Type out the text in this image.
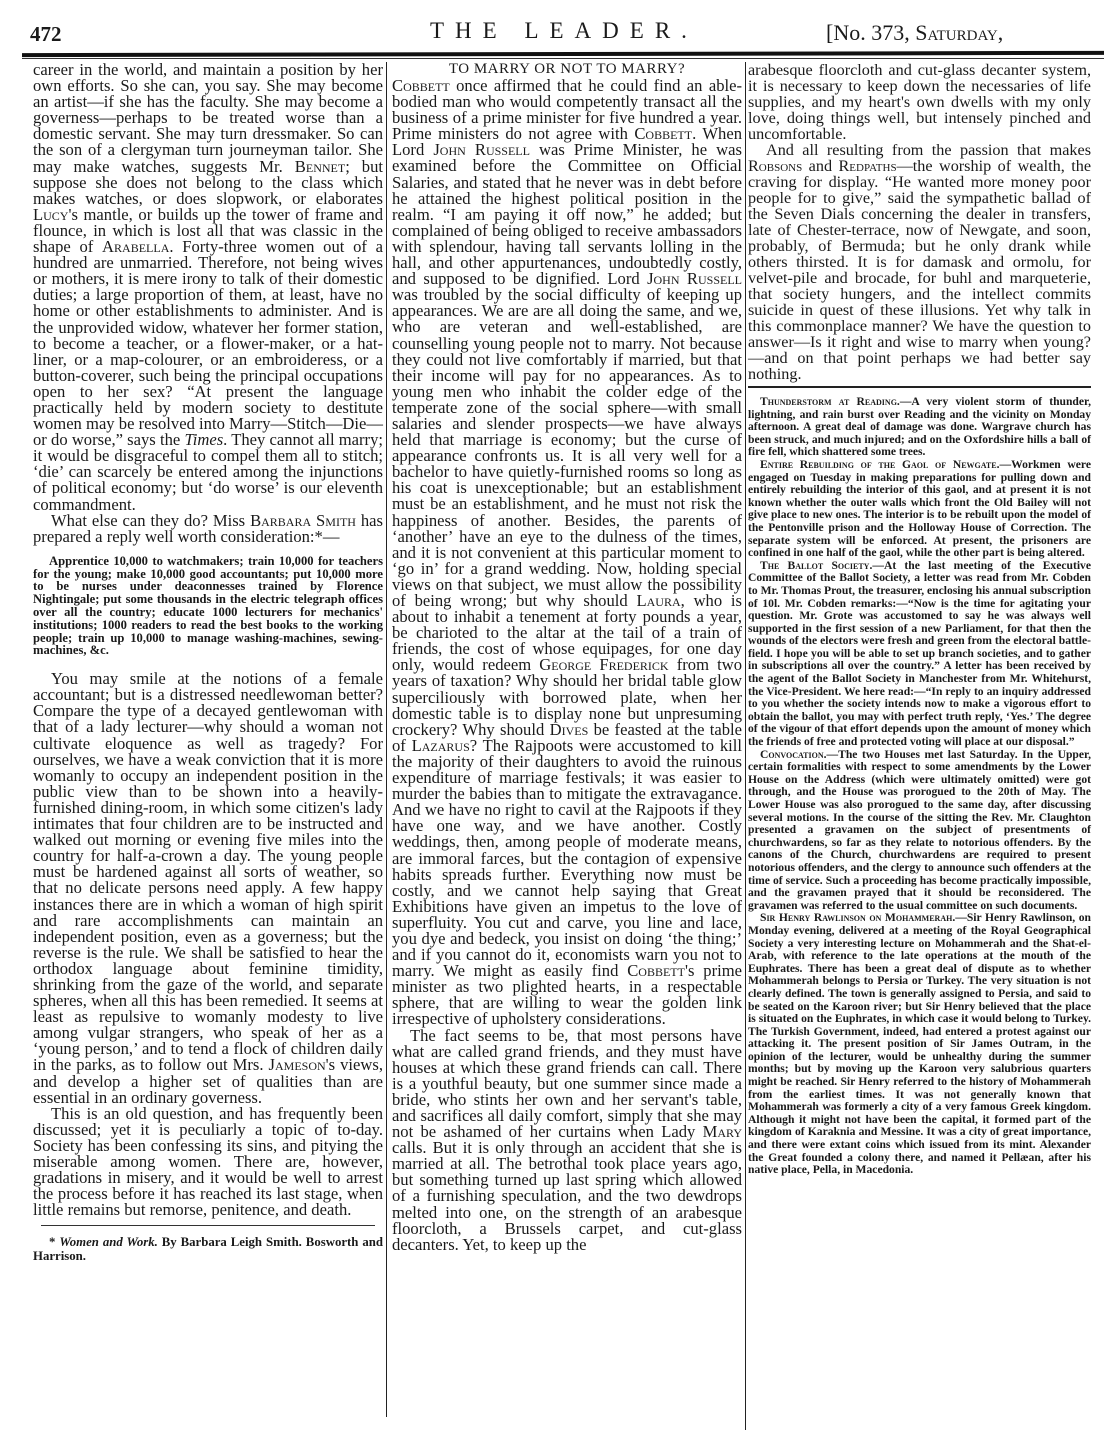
472	THE LEADER.	[No. 373, Saturday,

career in the world, and maintain a position by her own efforts. So she can, you say. She may become an artist—if she has the faculty. She may become a governess—perhaps to be treated worse than a domestic servant. She may turn dressmaker. So can the son of a clergyman turn journeyman tailor. She may make watches, suggests Mr. Bennet; but suppose she does not belong to the class which makes watches, or does slopwork, or elaborates Lucy's mantle, or builds up the tower of frame and flounce, in which is lost all that was classic in the shape of Arabella. Forty-three women out of a hundred are unmarried. Therefore, not being wives or mothers, it is mere irony to talk of their domestic duties; a large proportion of them, at least, have no home or other establishments to administer. And is the unprovided widow, whatever her former station, to become a teacher, or a flower-maker, or a hat-liner, or a map-colourer, or an embroideress, or a button-coverer, such being the principal occupations open to her sex? “At present the language practically held by modern society to destitute women may be resolved into Marry—Stitch—Die—or do worse,” says the Times. They cannot all marry; it would be disgraceful to compel them all to stitch; ‘die’ can scarcely be entered among the injunctions of political economy; but ‘do worse’ is our eleventh commandment.

What else can they do? Miss Barbara Smith has prepared a reply well worth consideration:*—

Apprentice 10,000 to watchmakers; train 10,000 for teachers for the young; make 10,000 good accountants; put 10,000 more to be nurses under deaconnesses trained by Florence Nightingale; put some thousands in the electric telegraph offices over all the country; educate 1000 lecturers for mechanics' institutions; 1000 readers to read the best books to the working people; train up 10,000 to manage washing-machines, sewing-machines, &c.

You may smile at the notions of a female accountant; but is a distressed needlewoman better? Compare the type of a decayed gentlewoman with that of a lady lecturer—why should a woman not cultivate eloquence as well as tragedy? For ourselves, we have a weak conviction that it is more womanly to occupy an independent position in the public view than to be shown into a heavily-furnished dining-room, in which some citizen's lady intimates that four children are to be instructed and walked out morning or evening five miles into the country for half-a-crown a day. The young people must be hardened against all sorts of weather, so that no delicate persons need apply. A few happy instances there are in which a woman of high spirit and rare accomplishments can maintain an independent position, even as a governess; but the reverse is the rule. We shall be satisfied to hear the orthodox language about feminine timidity, shrinking from the gaze of the world, and separate spheres, when all this has been remedied. It seems at least as repulsive to womanly modesty to live among vulgar strangers, who speak of her as a ‘young person,’ and to tend a flock of children daily in the parks, as to follow out Mrs. Jameson's views, and develop a higher set of qualities than are essential in an ordinary governess.

This is an old question, and has frequently been discussed; yet it is peculiarly a topic of to-day. Society has been confessing its sins, and pitying the miserable among women. There are, however, gradations in misery, and it would be well to arrest the process before it has reached its last stage, when little remains but remorse, penitence, and death.

* Women and Work. By Barbara Leigh Smith. Bosworth and Harrison.

TO MARRY OR NOT TO MARRY?

Cobbett once affirmed that he could find an able-bodied man who would competently transact all the business of a prime minister for five hundred a year. Prime ministers do not agree with Cobbett. When Lord John Russell was Prime Minister, he was examined before the Committee on Official Salaries, and stated that he never was in debt before he attained the highest political position in the realm. “I am paying it off now,” he added; but complained of being obliged to receive ambassadors with splendour, having tall servants lolling in the hall, and other appurtenances, undoubtedly costly, and supposed to be dignified. Lord John Russell was troubled by the social difficulty of keeping up appearances. We are are all doing the same, and we, who are veteran and well-established, are counselling young people not to marry. Not because they could not live comfortably if married, but that their income will pay for no appearances. As to young men who inhabit the colder edge of the temperate zone of the social sphere—with small salaries and slender prospects—we have always held that marriage is economy; but the curse of appearance confronts us. It is all very well for a bachelor to have quietly-furnished rooms so long as his coat is unexceptionable; but an establishment must be an establishment, and he must not risk the happiness of another. Besides, the parents of ‘another’ have an eye to the dulness of the times, and it is not convenient at this particular moment to ‘go in’ for a grand wedding. Now, holding special views on that subject, we must allow the possibility of being wrong; but why should Laura, who is about to inhabit a tenement at forty pounds a year, be charioted to the altar at the tail of a train of friends, the cost of whose equipages, for one day only, would redeem George Frederick from two years of taxation? Why should her bridal table glow superciliously with borrowed plate, when her domestic table is to display none but unpresuming crockery? Why should Dives be feasted at the table of Lazarus? The Rajpoots were accustomed to kill the majority of their daughters to avoid the ruinous expenditure of marriage festivals; it was easier to murder the babies than to mitigate the extravagance. And we have no right to cavil at the Rajpoots if they have one way, and we have another. Costly weddings, then, among people of moderate means, are immoral farces, but the contagion of expensive habits spreads further. Everything now must be costly, and we cannot help saying that Great Exhibitions have given an impetus to the love of superfluity. You cut and carve, you line and lace, you dye and bedeck, you insist on doing ‘the thing;’ and if you cannot do it, economists warn you not to marry. We might as easily find Cobbett's prime minister as two plighted hearts, in a respectable sphere, that are willing to wear the golden link irrespective of upholstery considerations.

The fact seems to be, that most persons have what are called grand friends, and they must have houses at which these grand friends can call. There is a youthful beauty, but one summer since made a bride, who stints her own and her servant's table, and sacrifices all daily comfort, simply that she may not be ashamed of her curtains when Lady Mary calls. But it is only through an accident that she is married at all. The betrothal took place years ago, but something turned up last spring which allowed of a furnishing speculation, and the two dewdrops melted into one, on the strength of an arabesque floorcloth, a Brussels carpet, and cut-glass decanters. Yet, to keep up the

arabesque floorcloth and cut-glass decanter system, it is necessary to keep down the necessaries of life supplies, and my heart's own dwells with my only love, doing things well, but intensely pinched and uncomfortable.

And all resulting from the passion that makes Robsons and Redpaths—the worship of wealth, the craving for display. “He wanted more money poor people for to give,” said the sympathetic ballad of the Seven Dials concerning the dealer in transfers, late of Chester-terrace, now of Newgate, and soon, probably, of Bermuda; but he only drank while others thirsted. It is for damask and ormolu, for velvet-pile and brocade, for buhl and marqueterie, that society hungers, and the intellect commits suicide in quest of these illusions. Yet why talk in this commonplace manner? We have the question to answer—Is it right and wise to marry when young?—and on that point perhaps we had better say nothing.

Thunderstorm at Reading.—A very violent storm of thunder, lightning, and rain burst over Reading and the vicinity on Monday afternoon. A great deal of damage was done. Wargrave church has been struck, and much injured; and on the Oxfordshire hills a ball of fire fell, which shattered some trees.

Entire Rebuilding of the Gaol of Newgate.—Workmen were engaged on Tuesday in making preparations for pulling down and entirely rebuilding the interior of this gaol, and at present it is not known whether the outer walls which front the Old Bailey will not give place to new ones. The interior is to be rebuilt upon the model of the Pentonville prison and the Holloway House of Correction. The separate system will be enforced. At present, the prisoners are confined in one half of the gaol, while the other part is being altered.

The Ballot Society.—At the last meeting of the Executive Committee of the Ballot Society, a letter was read from Mr. Cobden to Mr. Thomas Prout, the treasurer, enclosing his annual subscription of 10l. Mr. Cobden remarks:—“Now is the time for agitating your question. Mr. Grote was accustomed to say he was always well supported in the first session of a new Parliament, for that then the wounds of the electors were fresh and green from the electoral battle-field. I hope you will be able to set up branch societies, and to gather in subscriptions all over the country.” A letter has been received by the agent of the Ballot Society in Manchester from Mr. Whitehurst, the Vice-President. We here read:—“In reply to an inquiry addressed to you whether the society intends now to make a vigorous effort to obtain the ballot, you may with perfect truth reply, ‘Yes.’ The degree of the vigour of that effort depends upon the amount of money which the friends of free and protected voting will place at our disposal.”

Convocation.—The two Houses met last Saturday. In the Upper, certain formalities with respect to some amendments by the Lower House on the Address (which were ultimately omitted) were got through, and the House was prorogued to the 20th of May. The Lower House was also prorogued to the same day, after discussing several motions. In the course of the sitting the Rev. Mr. Claughton presented a gravamen on the subject of presentments of churchwardens, so far as they relate to notorious offenders. By the canons of the Church, churchwardens are required to present notorious offenders, and the clergy to announce such offenders at the time of service. Such a proceeding has become practically impossible, and the gravamen prayed that it should be reconsidered. The gravamen was referred to the usual committee on such documents.

Sir Henry Rawlinson on Mohammerah.—Sir Henry Rawlinson, on Monday evening, delivered at a meeting of the Royal Geographical Society a very interesting lecture on Mohammerah and the Shat-el-Arab, with reference to the late operations at the mouth of the Euphrates. There has been a great deal of dispute as to whether Mohammerah belongs to Persia or Turkey. The very situation is not clearly defined. The town is generally assigned to Persia, and said to be seated on the Karoon river; but Sir Henry believed that the place is situated on the Euphrates, in which case it would belong to Turkey. The Turkish Government, indeed, had entered a protest against our attacking it. The present position of Sir James Outram, in the opinion of the lecturer, would be unhealthy during the summer months; but by moving up the Karoon very salubrious quarters might be reached. Sir Henry referred to the history of Mohammerah from the earliest times. It was not generally known that Mohammerah was formerly a city of a very famous Greek kingdom. Although it might not have been the capital, it formed part of the kingdom of Karaknia and Messine. It was a city of great importance, and there were extant coins which issued from its mint. Alexander the Great founded a colony there, and named it Pellæan, after his native place, Pella, in Macedonia.
